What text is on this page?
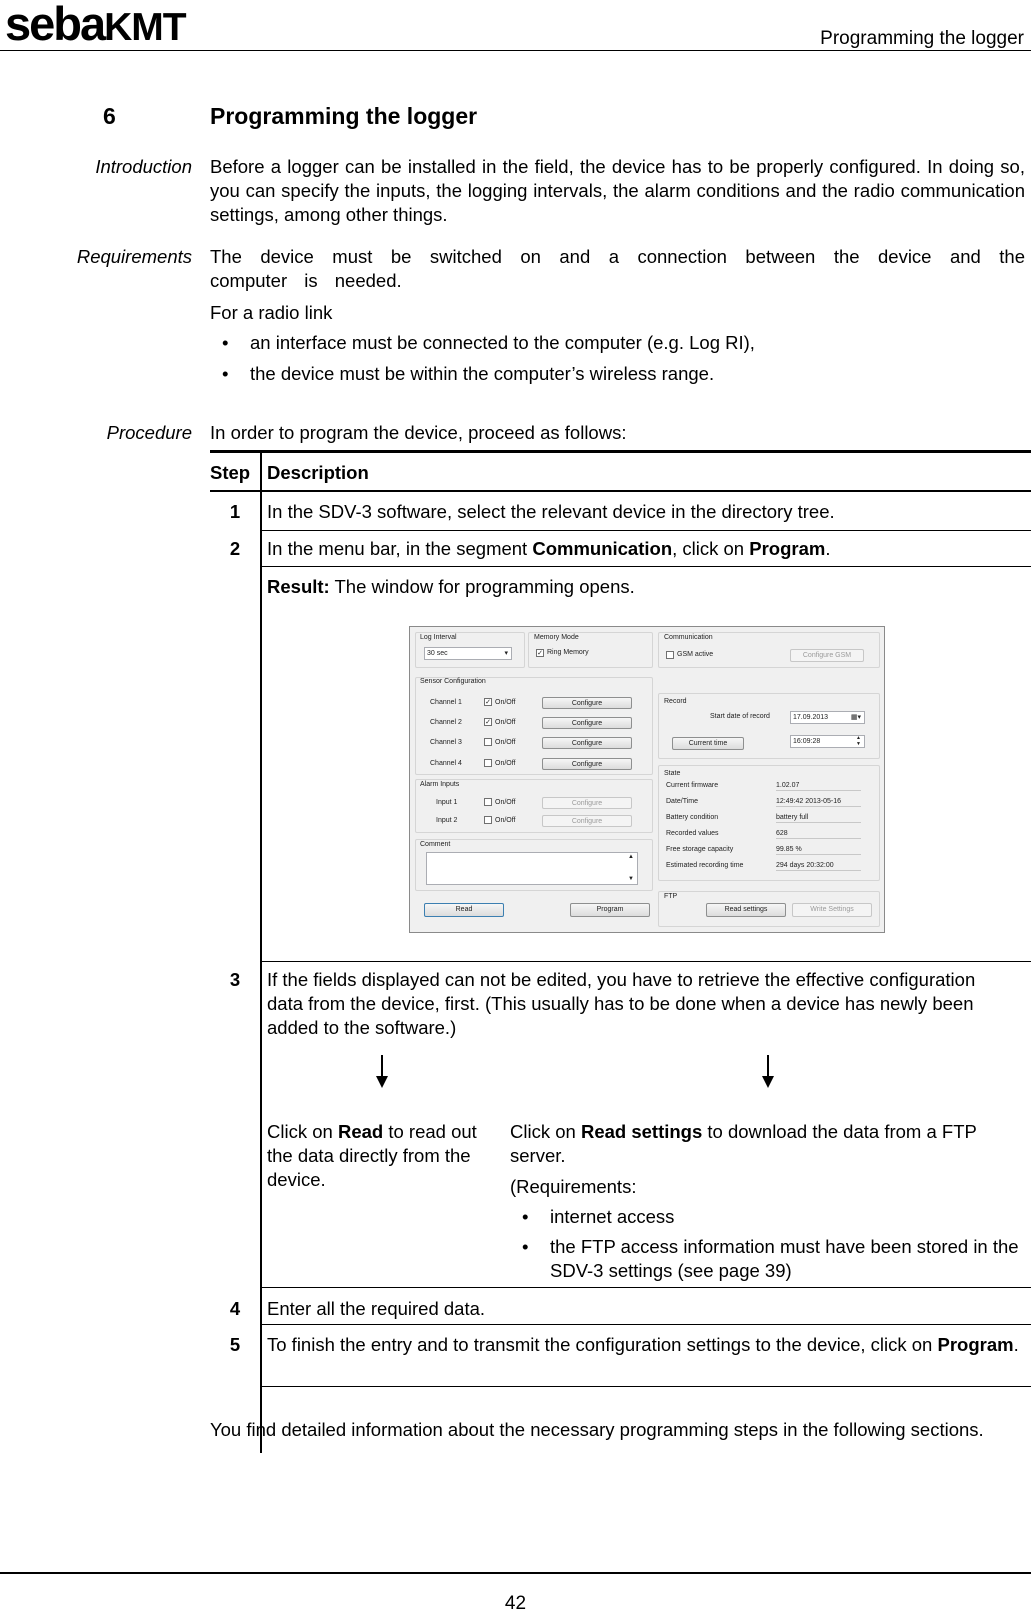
sebaKMT	Programming the logger
6	Programming the logger
Introduction Before a logger can be installed in the field, the device has to be properly configured. In doing so, you can specify the inputs, the logging intervals, the alarm conditions and the radio communication settings, among other things.
Requirements The device must be switched on and a connection between the device and the computer is needed.
For a radio link
• an interface must be connected to the computer (e.g. Log RI),
• the device must be within the computer’s wireless range.
Procedure In order to program the device, proceed as follows:
Step Description
1	In the SDV-3 software, select the relevant device in the directory tree.
2	In the menu bar, in the segment Communication, click on Program.
Result: The window for programming opens.
Log Interval
30 sec	▾
Memory Mode
✓ Ring Memory
Communication
GSM active	Configure GSM
Sensor Configuration
Channel 1	✓ On/Off	Configure
Channel 2	✓ On/Off	Configure
Channel 3	On/Off	Configure
Channel 4	On/Off	Configure
Alarm Inputs
Input 1	On/Off	Configure
Input 2	On/Off	Configure
Comment
▲
▼
Record
Start date of record	17.09.2013	▦▾
Current time	16:09:28	▲
▼
State
Current firmware	1.02.07
Date/Time	12:49:42 2013-05-16
Battery condition	battery full
Recorded values	628
Free storage capacity	99.85 %
Estimated recording time	294 days 20:32:00
FTP
Read	Program	Read settings	Write Settings
3	If the fields displayed can not be edited, you have to retrieve the effective configuration data from the device, first. (This usually has to be done when a device has newly been added to the software.)
Click on Read to read out the data directly from the device.
Click on Read settings to download the data from a FTP server.
(Requirements:
• internet access
• the FTP access information must have been stored in the SDV-3 settings (see page 39)
4	Enter all the required data.
5	To finish the entry and to transmit the configuration settings to the device, click on Program.
You find detailed information about the necessary programming steps in the following sections.
42
